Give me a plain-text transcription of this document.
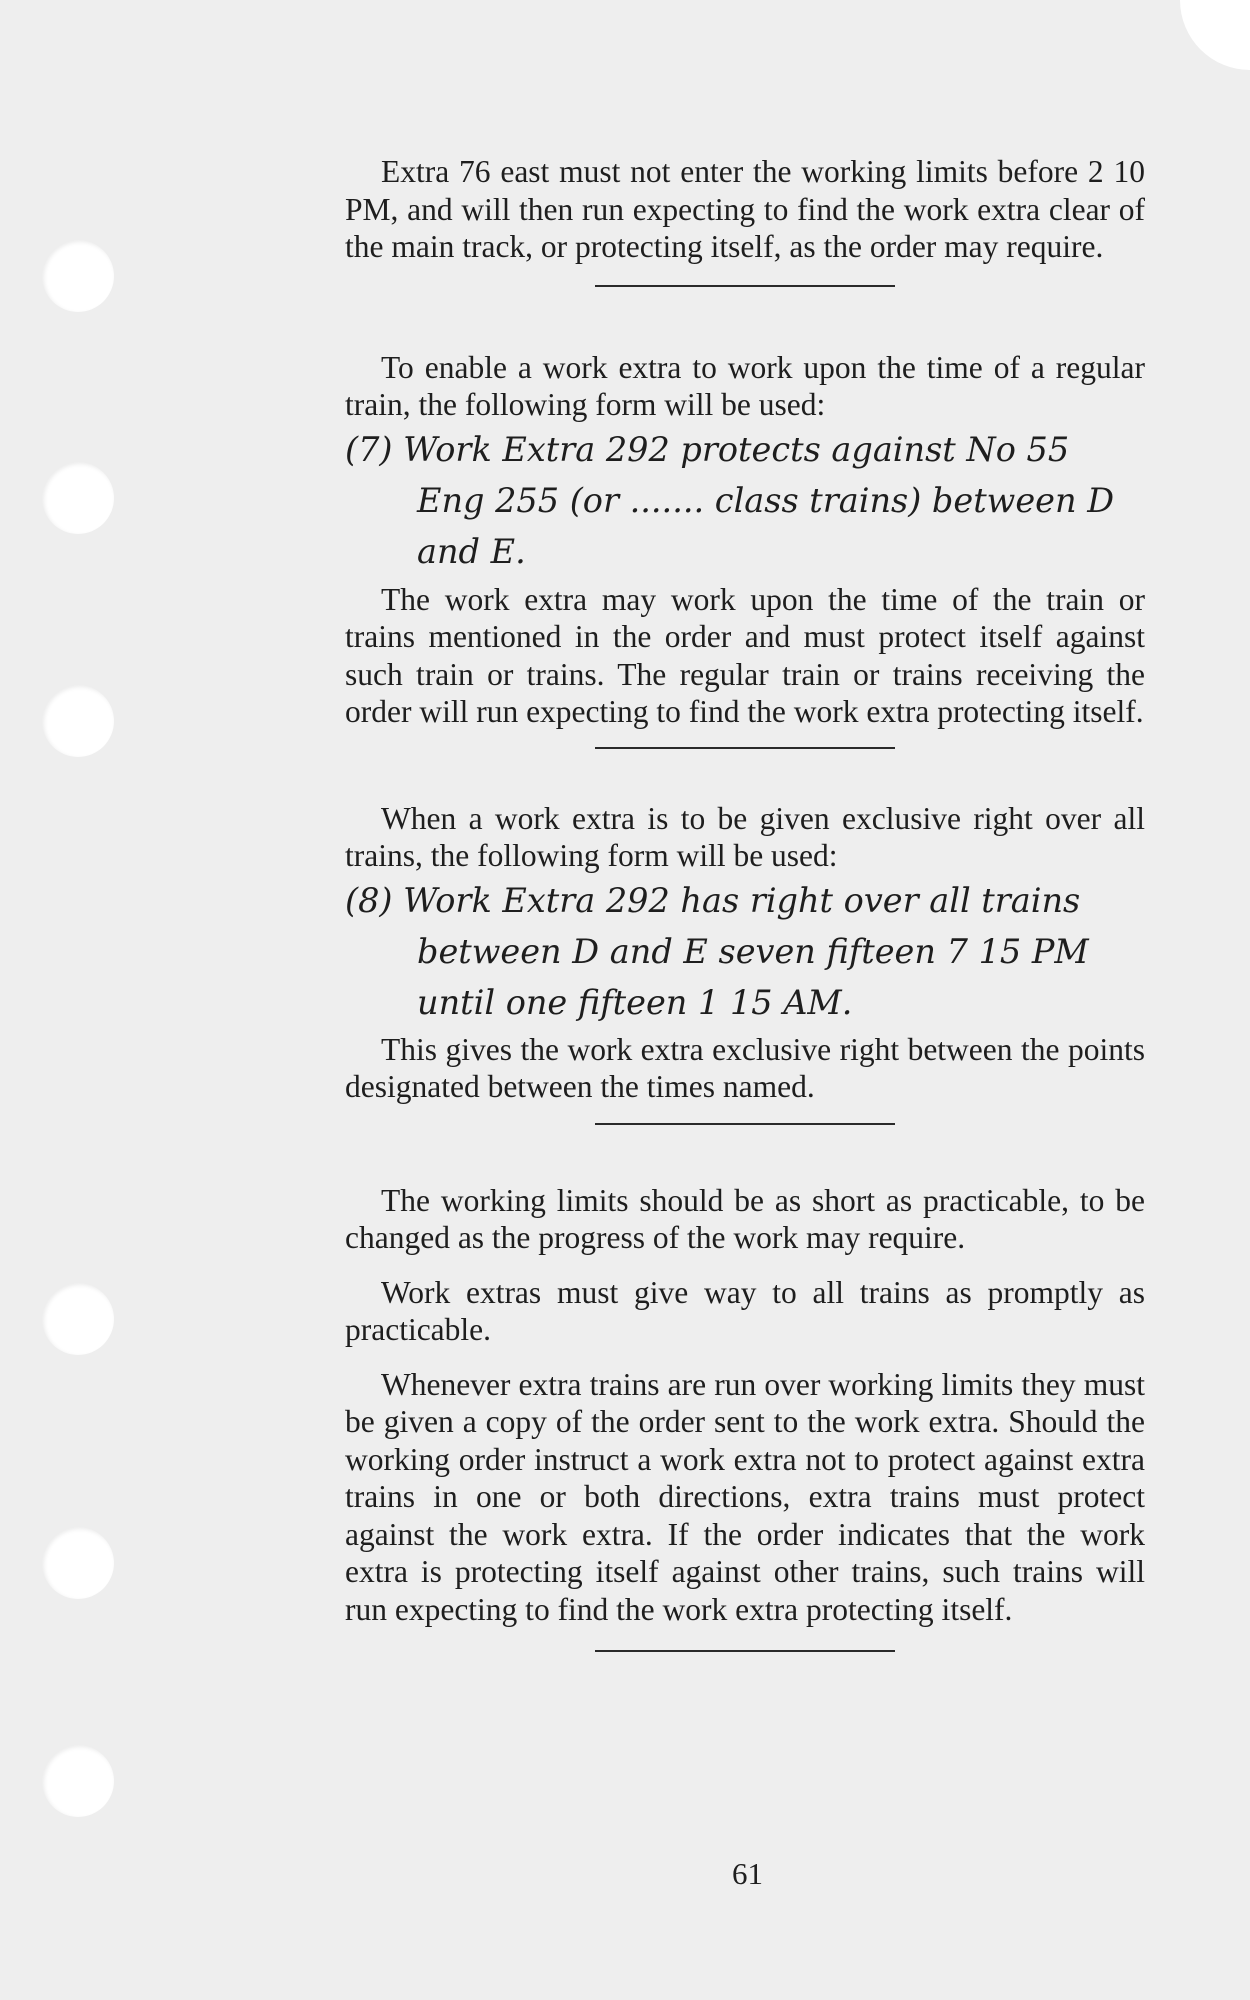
Extra 76 east must not enter the working limits before 2 10 PM, and will then run expecting to find the work extra clear of the main track, or protecting itself, as the order may require.

To enable a work extra to work upon the time of a regular train, the following form will be used:

(7) Work Extra 292 protects against No 55 Eng 255 (or ....... class trains) between D and E.

The work extra may work upon the time of the train or trains mentioned in the order and must protect itself against such train or trains. The regular train or trains receiving the order will run expecting to find the work extra protecting itself.

When a work extra is to be given exclusive right over all trains, the following form will be used:

(8) Work Extra 292 has right over all trains between D and E seven fifteen 7 15 PM until one fifteen 1 15 AM.

This gives the work extra exclusive right between the points designated between the times named.

The working limits should be as short as practicable, to be changed as the progress of the work may require.

Work extras must give way to all trains as promptly as practicable.

Whenever extra trains are run over working limits they must be given a copy of the order sent to the work extra. Should the working order instruct a work extra not to protect against extra trains in one or both directions, extra trains must protect against the work extra. If the order indicates that the work extra is protecting itself against other trains, such trains will run expecting to find the work extra protecting itself.

61
